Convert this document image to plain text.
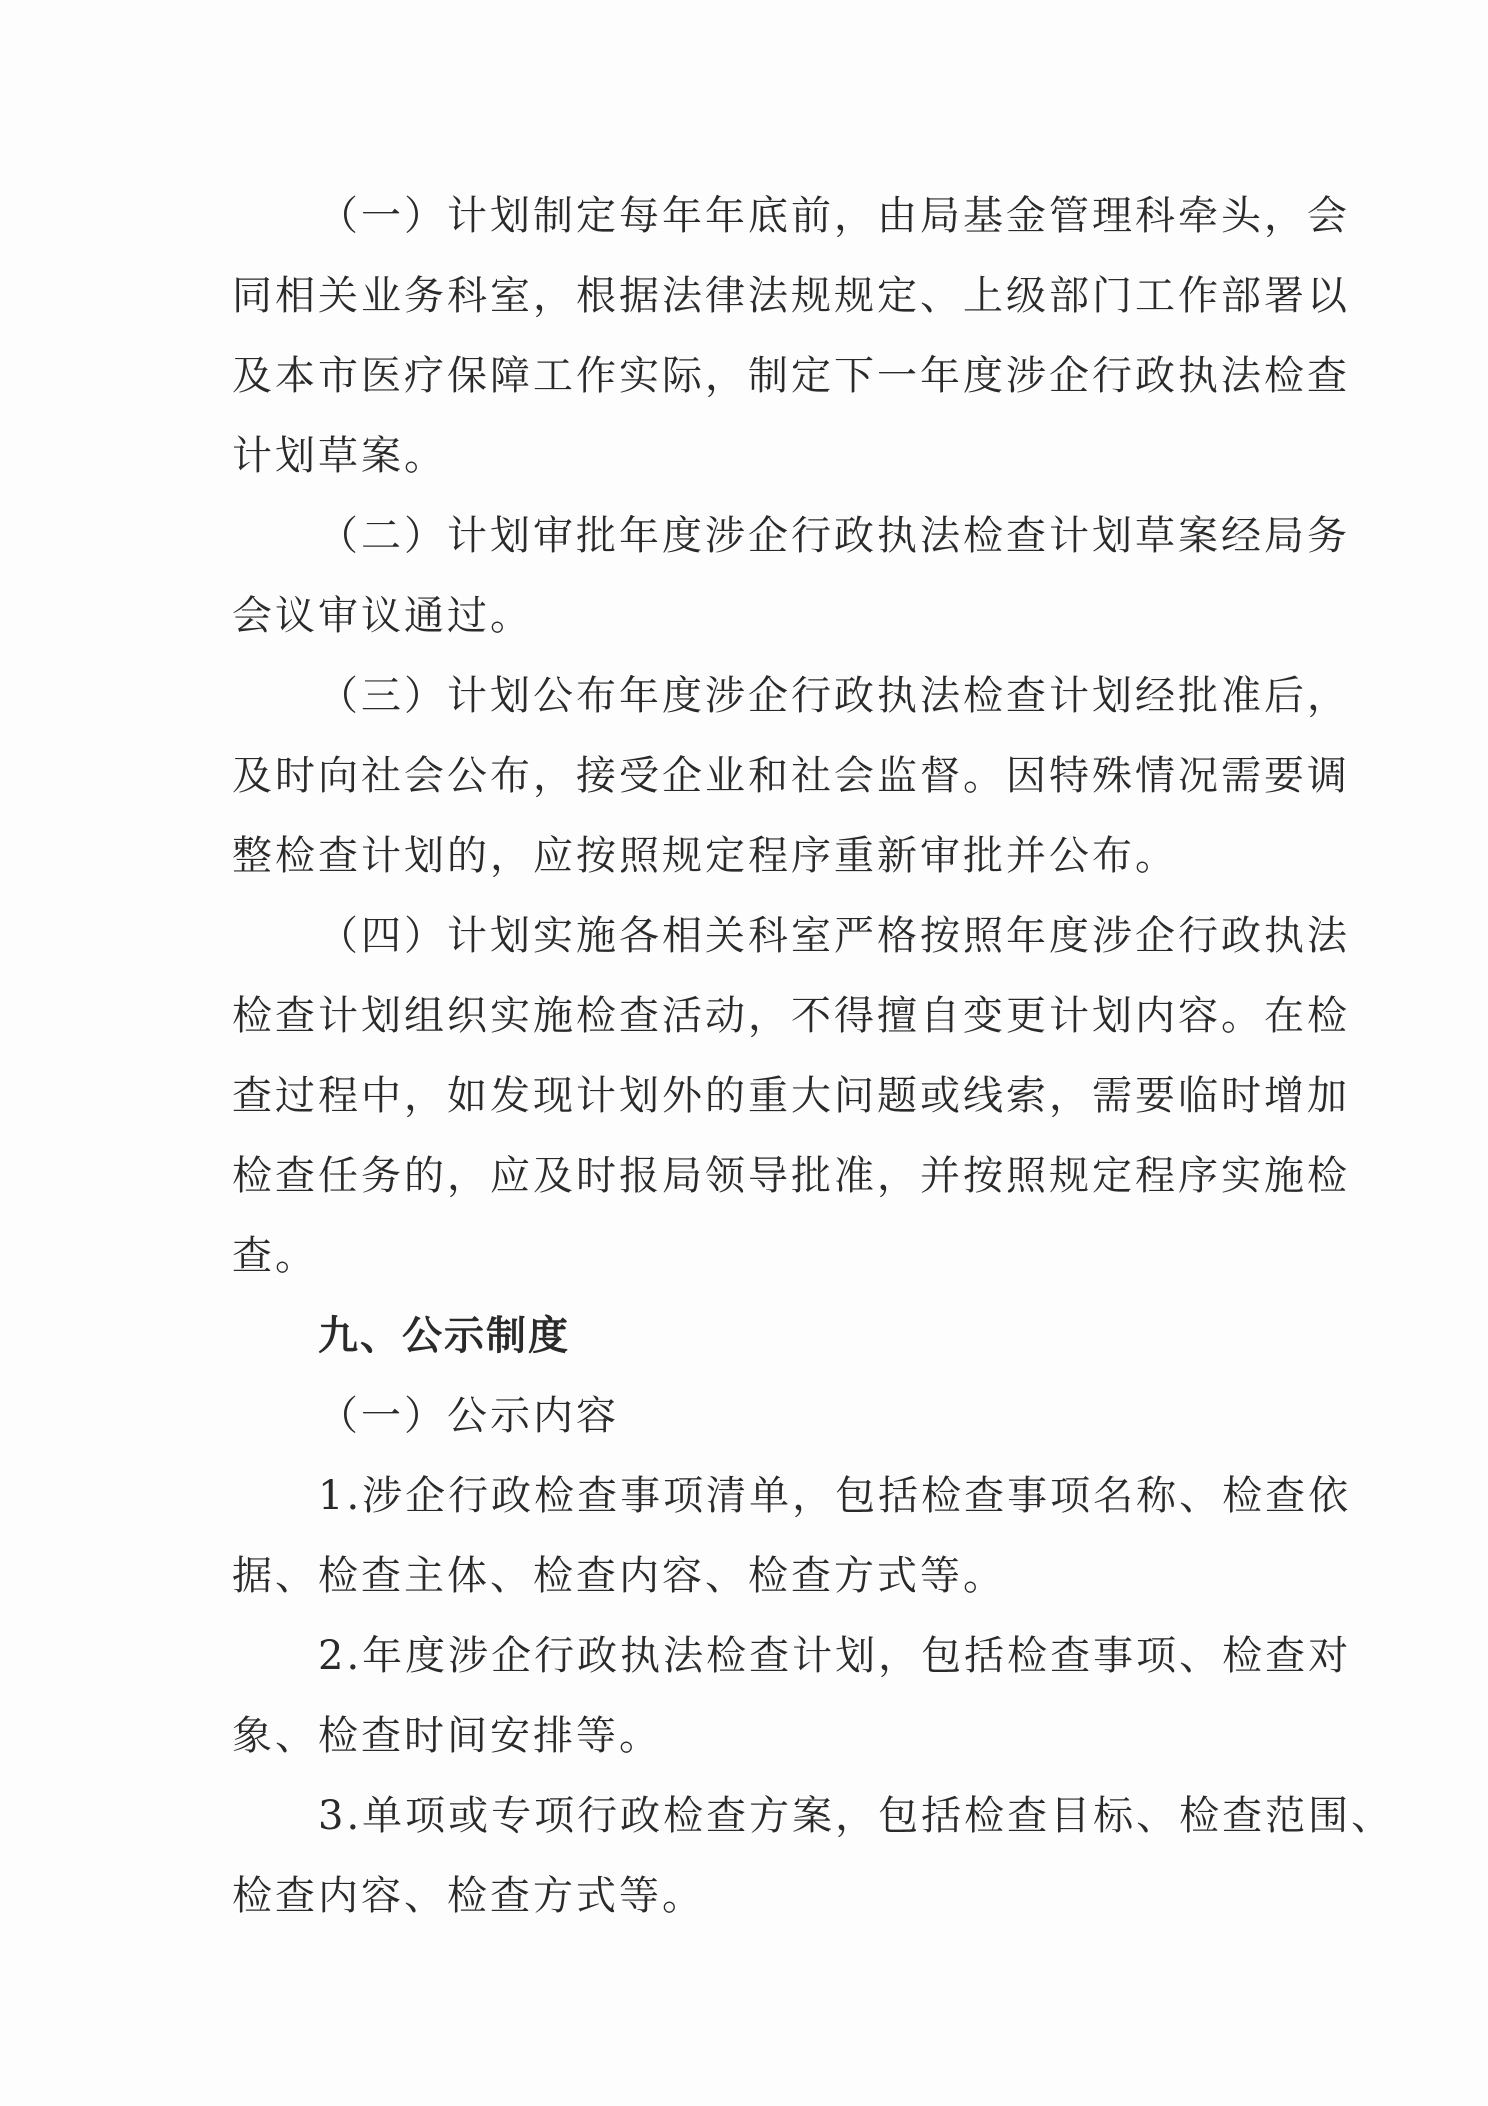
（一）计划制定每年年底前，由局基金管理科牵头，会
同相关业务科室，根据法律法规规定、上级部门工作部署以
及本市医疗保障工作实际，制定下一年度涉企行政执法检查
计划草案。
（二）计划审批年度涉企行政执法检查计划草案经局务
会议审议通过。
（三）计划公布年度涉企行政执法检查计划经批准后，
及时向社会公布，接受企业和社会监督。因特殊情况需要调
整检查计划的，应按照规定程序重新审批并公布。
（四）计划实施各相关科室严格按照年度涉企行政执法
检查计划组织实施检查活动，不得擅自变更计划内容。在检
查过程中，如发现计划外的重大问题或线索，需要临时增加
检查任务的，应及时报局领导批准，并按照规定程序实施检
查。
九、公示制度
（一）公示内容
1.涉企行政检查事项清单，包括检查事项名称、检查依
据、检查主体、检查内容、检查方式等。
2.年度涉企行政执法检查计划，包括检查事项、检查对
象、检查时间安排等。
3.单项或专项行政检查方案，包括检查目标、检查范围、
检查内容、检查方式等。
